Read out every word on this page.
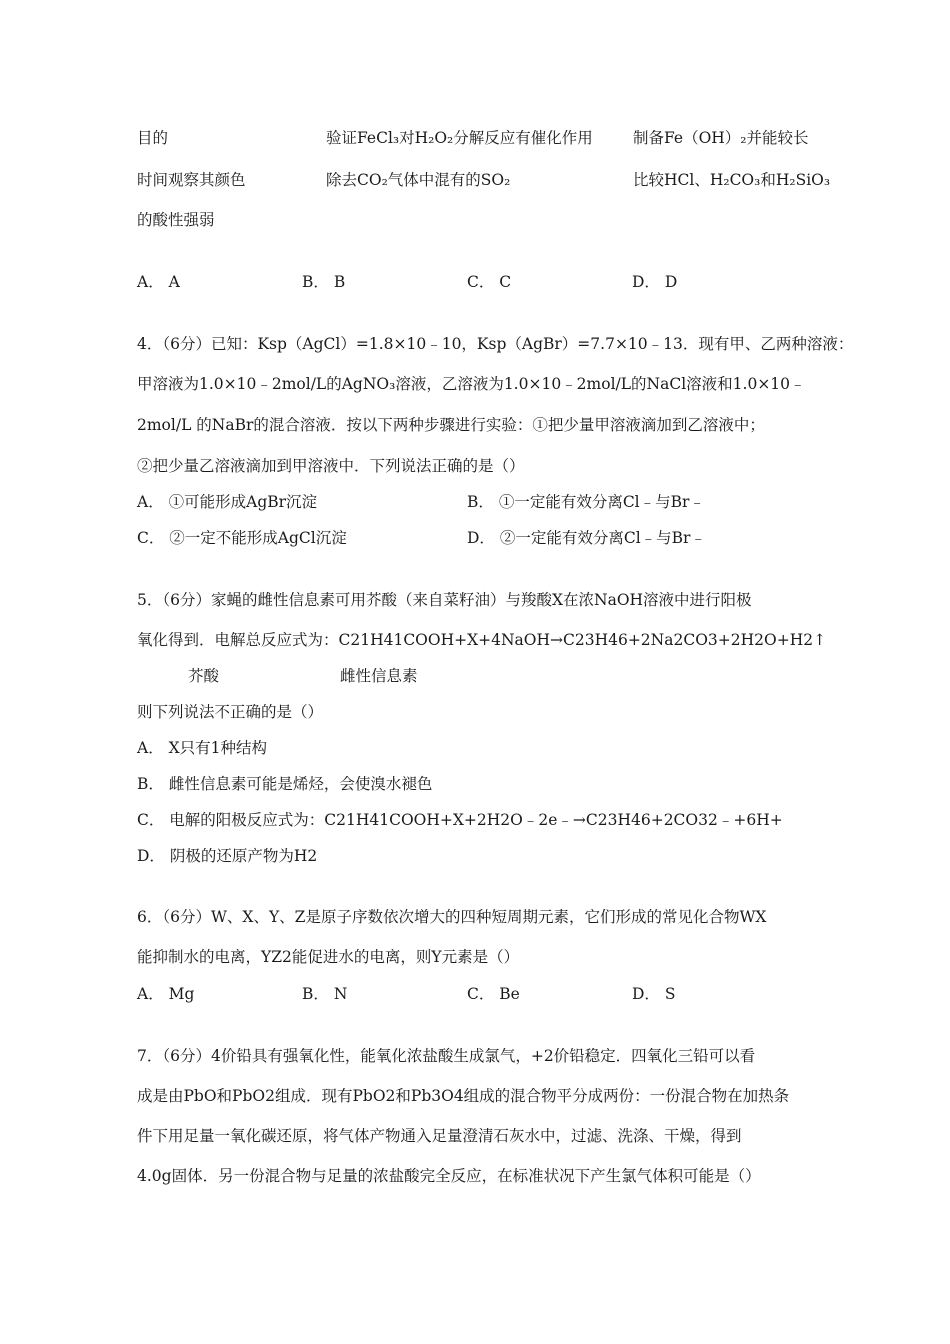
目的	验证FeCl₃对H₂O₂分解反应有催化作用	制备Fe（OH）₂并能较长
时间观察其颜色	除去CO₂气体中混有的SO₂	比较HCl、H₂CO₃和H₂SiO₃
的酸性强弱
A． A	B． B	C． C	D． D
4．（6分）已知：Ksp（AgCl）=1.8×10﹣10，Ksp（AgBr）=7.7×10﹣13．现有甲、乙两种溶液：
甲溶液为1.0×10﹣2mol/L的AgNO₃溶液，乙溶液为1.0×10﹣2mol/L的NaCl溶液和1.0×10﹣
2mol/L 的NaBr的混合溶液．按以下两种步骤进行实验：①把少量甲溶液滴加到乙溶液中；
②把少量乙溶液滴加到甲溶液中．下列说法正确的是（）
A． ①可能形成AgBr沉淀	B． ①一定能有效分离Cl﹣与Br﹣
C． ②一定不能形成AgCl沉淀	D． ②一定能有效分离Cl﹣与Br﹣
5．（6分）家蝇的雌性信息素可用芥酸（来自菜籽油）与羧酸X在浓NaOH溶液中进行阳极
氧化得到．电解总反应式为：C21H41COOH+X+4NaOH→C23H46+2Na2CO3+2H2O+H2↑
芥酸	雌性信息素
则下列说法不正确的是（）
A． X只有1种结构
B． 雌性信息素可能是烯烃，会使溴水褪色
C． 电解的阳极反应式为：C21H41COOH+X+2H2O﹣2e﹣→C23H46+2CO32﹣+6H+
D． 阴极的还原产物为H2
6．（6分）W、X、Y、Z是原子序数依次增大的四种短周期元素，它们形成的常见化合物WX
能抑制水的电离，YZ2能促进水的电离，则Y元素是（）
A． Mg	B． N	C． Be	D． S
7．（6分）4价铅具有强氧化性，能氧化浓盐酸生成氯气，+2价铅稳定．四氧化三铅可以看
成是由PbO和PbO2组成．现有PbO2和Pb3O4组成的混合物平分成两份：一份混合物在加热条
件下用足量一氧化碳还原，将气体产物通入足量澄清石灰水中，过滤、洗涤、干燥，得到
4.0g固体．另一份混合物与足量的浓盐酸完全反应，在标准状况下产生氯气体积可能是（）
